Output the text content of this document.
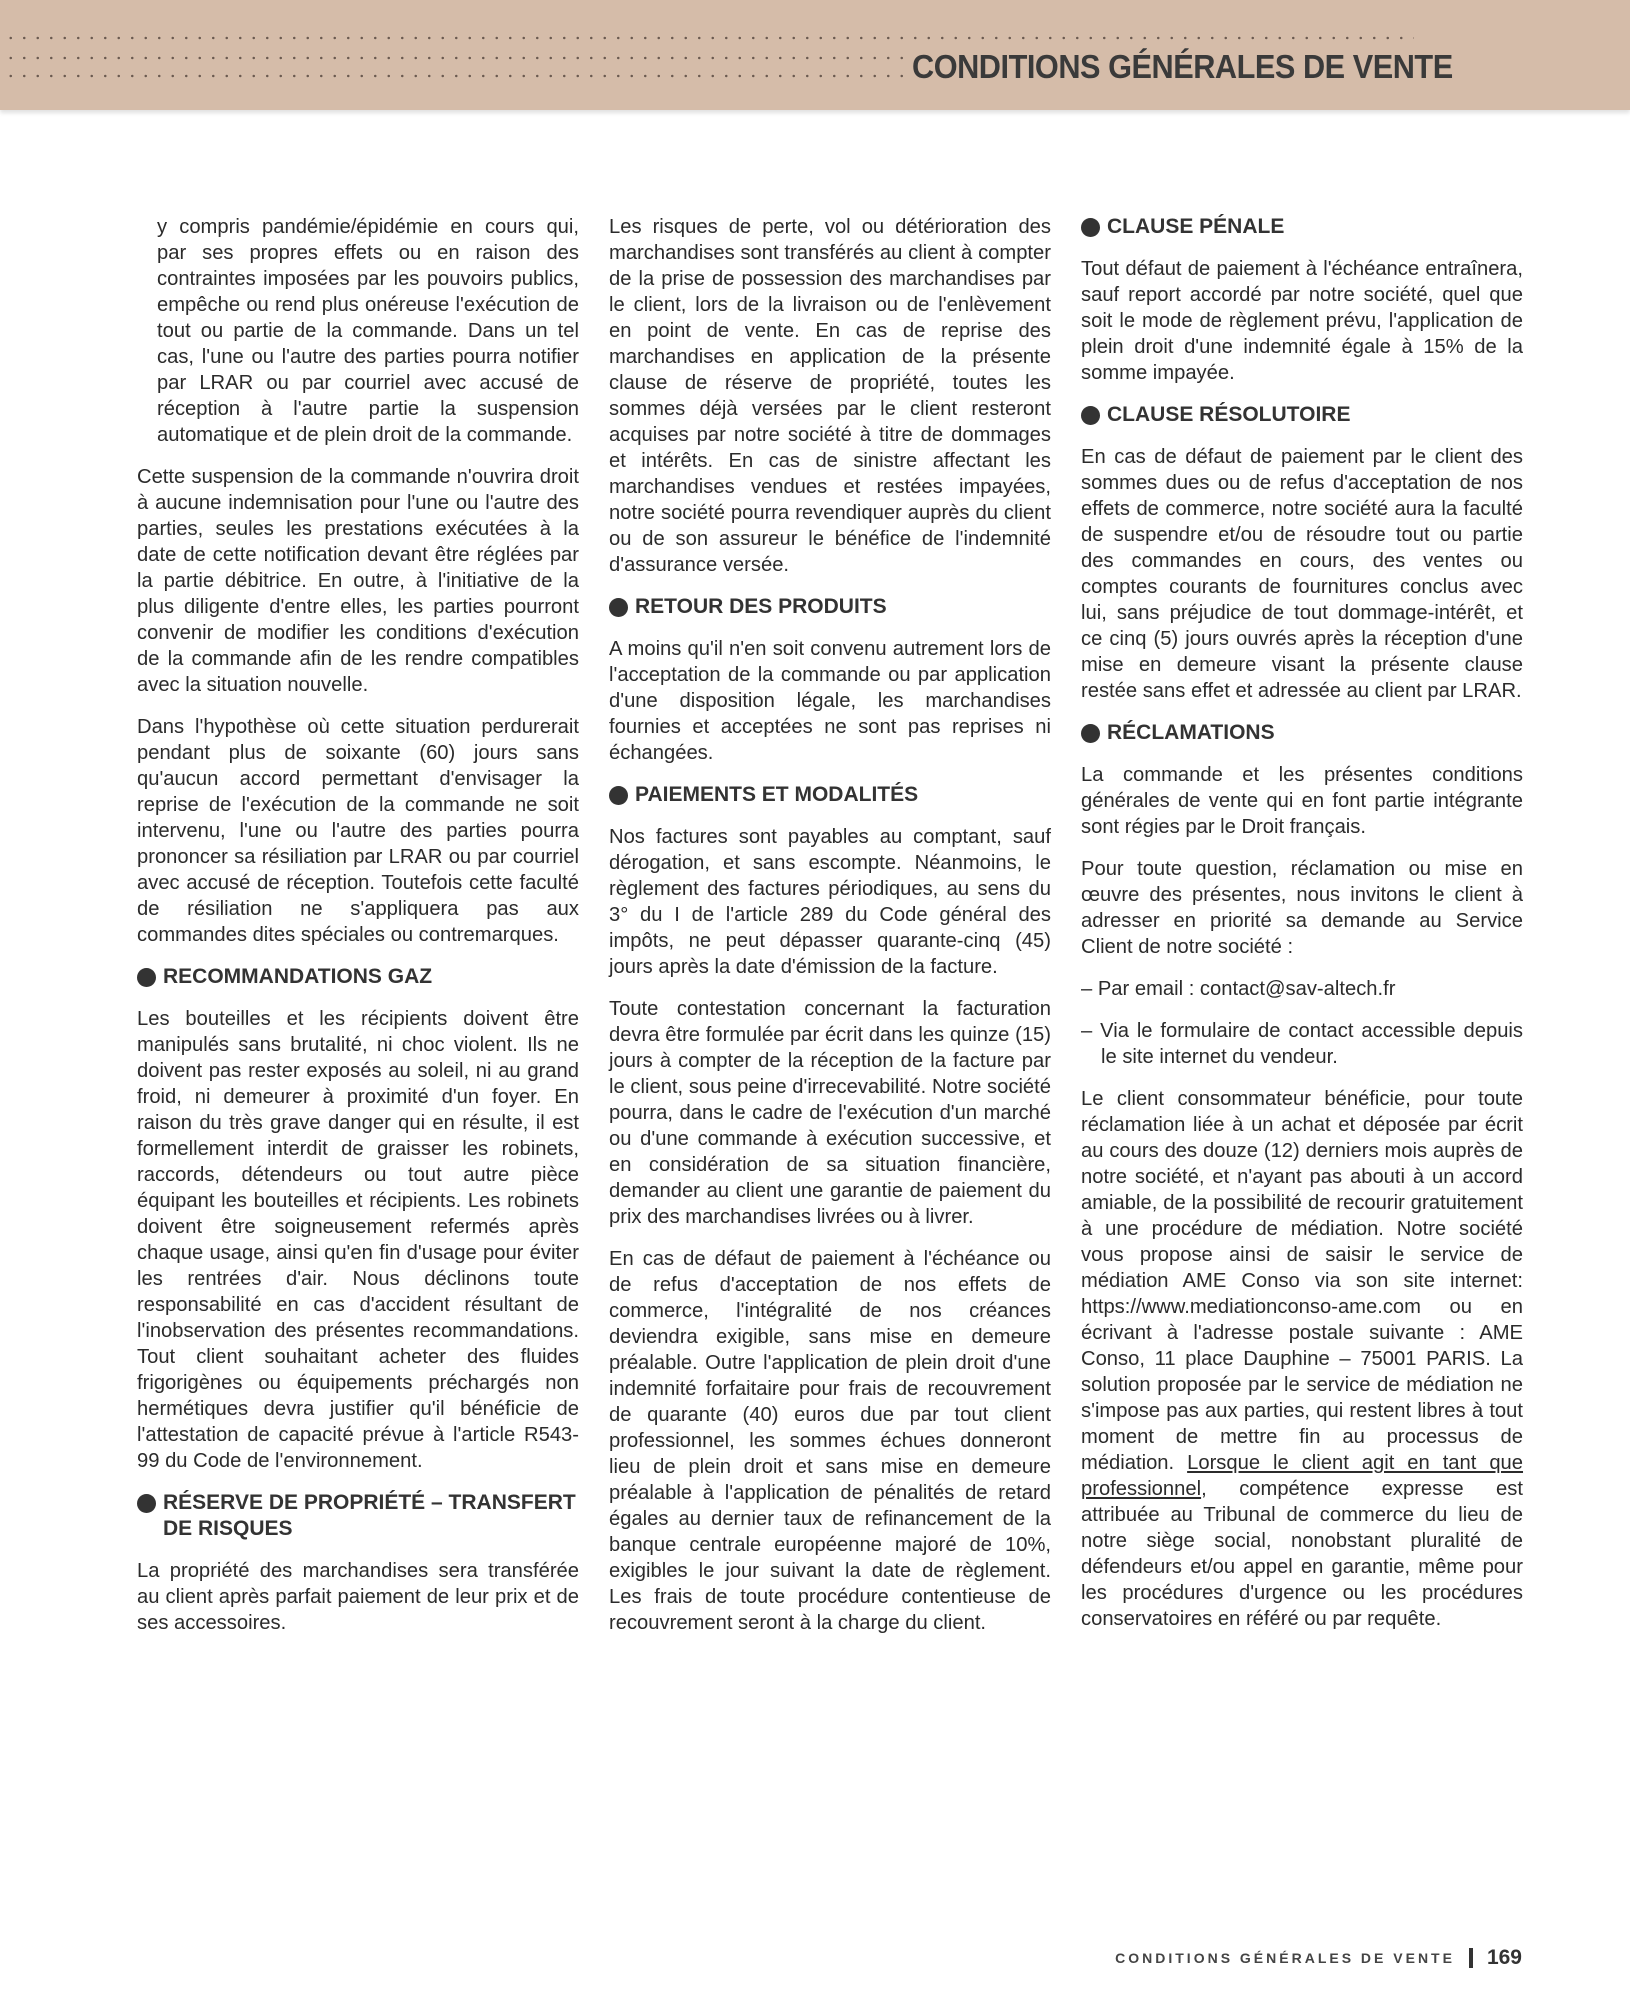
CONDITIONS GÉNÉRALES DE VENTE

y compris pandémie/épidémie en cours qui, par ses propres effets ou en raison des contraintes imposées par les pouvoirs publics, empêche ou rend plus onéreuse l'exécution de tout ou partie de la commande. Dans un tel cas, l'une ou l'autre des parties pourra notifier par LRAR ou par courriel avec accusé de réception à l'autre partie la suspension automatique et de plein droit de la commande.

Cette suspension de la commande n'ouvrira droit à aucune indemnisation pour l'une ou l'autre des parties, seules les prestations exécutées à la date de cette notification devant être réglées par la partie débitrice. En outre, à l'initiative de la plus diligente d'entre elles, les parties pourront convenir de modifier les conditions d'exécution de la commande afin de les rendre compatibles avec la situation nouvelle.

Dans l'hypothèse où cette situation perdurerait pendant plus de soixante (60) jours sans qu'aucun accord permettant d'envisager la reprise de l'exécution de la commande ne soit intervenu, l'une ou l'autre des parties pourra prononcer sa résiliation par LRAR ou par courriel avec accusé de réception. Toutefois cette faculté de résiliation ne s'appliquera pas aux commandes dites spéciales ou contremarques.

RECOMMANDATIONS GAZ

Les bouteilles et les récipients doivent être manipulés sans brutalité, ni choc violent. Ils ne doivent pas rester exposés au soleil, ni au grand froid, ni demeurer à proximité d'un foyer. En raison du très grave danger qui en résulte, il est formellement interdit de graisser les robinets, raccords, détendeurs ou tout autre pièce équipant les bouteilles et récipients. Les robinets doivent être soigneusement refermés après chaque usage, ainsi qu'en fin d'usage pour éviter les rentrées d'air. Nous déclinons toute responsabilité en cas d'accident résultant de l'inobservation des présentes recommandations. Tout client souhaitant acheter des fluides frigorigènes ou équipements préchargés non hermétiques devra justifier qu'il bénéficie de l'attestation de capacité prévue à l'article R543-99 du Code de l'environnement.

RÉSERVE DE PROPRIÉTÉ – TRANSFERT DE RISQUES

La propriété des marchandises sera transférée au client après parfait paiement de leur prix et de ses accessoires.

Les risques de perte, vol ou détérioration des marchandises sont transférés au client à compter de la prise de possession des marchandises par le client, lors de la livraison ou de l'enlèvement en point de vente. En cas de reprise des marchandises en application de la présente clause de réserve de propriété, toutes les sommes déjà versées par le client resteront acquises par notre société à titre de dommages et intérêts. En cas de sinistre affectant les marchandises vendues et restées impayées, notre société pourra revendiquer auprès du client ou de son assureur le bénéfice de l'indemnité d'assurance versée.

RETOUR DES PRODUITS

A moins qu'il n'en soit convenu autrement lors de l'acceptation de la commande ou par application d'une disposition légale, les marchandises fournies et acceptées ne sont pas reprises ni échangées.

PAIEMENTS ET MODALITÉS

Nos factures sont payables au comptant, sauf dérogation, et sans escompte. Néanmoins, le règlement des factures périodiques, au sens du 3° du I de l'article 289 du Code général des impôts, ne peut dépasser quarante-cinq (45) jours après la date d'émission de la facture.

Toute contestation concernant la facturation devra être formulée par écrit dans les quinze (15) jours à compter de la réception de la facture par le client, sous peine d'irrecevabilité. Notre société pourra, dans le cadre de l'exécution d'un marché ou d'une commande à exécution successive, et en considération de sa situation financière, demander au client une garantie de paiement du prix des marchandises livrées ou à livrer.

En cas de défaut de paiement à l'échéance ou de refus d'acceptation de nos effets de commerce, l'intégralité de nos créances deviendra exigible, sans mise en demeure préalable. Outre l'application de plein droit d'une indemnité forfaitaire pour frais de recouvrement de quarante (40) euros due par tout client professionnel, les sommes échues donneront lieu de plein droit et sans mise en demeure préalable à l'application de pénalités de retard égales au dernier taux de refinancement de la banque centrale européenne majoré de 10%, exigibles le jour suivant la date de règlement. Les frais de toute procédure contentieuse de recouvrement seront à la charge du client.

CLAUSE PÉNALE

Tout défaut de paiement à l'échéance entraînera, sauf report accordé par notre société, quel que soit le mode de règlement prévu, l'application de plein droit d'une indemnité égale à 15% de la somme impayée.

CLAUSE RÉSOLUTOIRE

En cas de défaut de paiement par le client des sommes dues ou de refus d'acceptation de nos effets de commerce, notre société aura la faculté de suspendre et/ou de résoudre tout ou partie des commandes en cours, des ventes ou comptes courants de fournitures conclus avec lui, sans préjudice de tout dommage-intérêt, et ce cinq (5) jours ouvrés après la réception d'une mise en demeure visant la présente clause restée sans effet et adressée au client par LRAR.

RÉCLAMATIONS

La commande et les présentes conditions générales de vente qui en font partie intégrante sont régies par le Droit français.

Pour toute question, réclamation ou mise en œuvre des présentes, nous invitons le client à adresser en priorité sa demande au Service Client de notre société :

– Par email : contact@sav-altech.fr

– Via le formulaire de contact accessible depuis le site internet du vendeur.

Le client consommateur bénéficie, pour toute réclamation liée à un achat et déposée par écrit au cours des douze (12) derniers mois auprès de notre société, et n'ayant pas abouti à un accord amiable, de la possibilité de recourir gratuitement à une procédure de médiation. Notre société vous propose ainsi de saisir le service de médiation AME Conso via son site internet: https://www.mediationconso-ame.com ou en écrivant à l'adresse postale suivante : AME Conso, 11 place Dauphine – 75001 PARIS. La solution proposée par le service de médiation ne s'impose pas aux parties, qui restent libres à tout moment de mettre fin au processus de médiation. Lorsque le client agit en tant que professionnel, compétence expresse est attribuée au Tribunal de commerce du lieu de notre siège social, nonobstant pluralité de défendeurs et/ou appel en garantie, même pour les procédures d'urgence ou les procédures conservatoires en référé ou par requête.

CONDITIONS GÉNÉRALES DE VENTE 169
